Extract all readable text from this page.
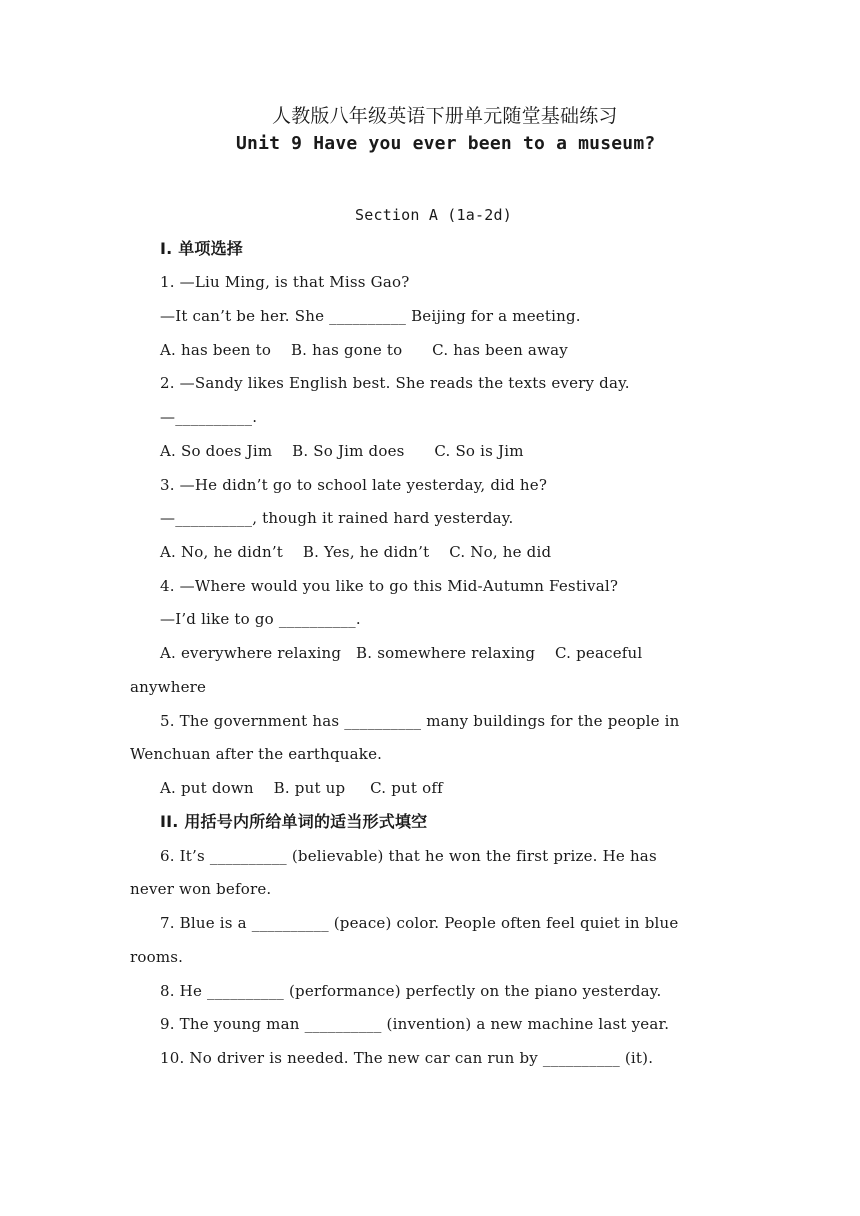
人教版八年级英语下册单元随堂基础练习
Unit 9 Have you ever been to a museum?
Section A (1a-2d)
I. 单项选择
1. —Liu Ming, is that Miss Gao?
—It can’t be her. She __________ Beijing for a meeting.
A. has been to    B. has gone to      C. has been away
2. —Sandy likes English best. She reads the texts every day.
—__________.
A. So does Jim    B. So Jim does      C. So is Jim
3. —He didn’t go to school late yesterday, did he?
—__________, though it rained hard yesterday.
A. No, he didn’t    B. Yes, he didn’t    C. No, he did
4. —Where would you like to go this Mid-Autumn Festival?
—I’d like to go __________.
A. everywhere relaxing   B. somewhere relaxing    C. peaceful
anywhere
5. The government has __________ many buildings for the people in
Wenchuan after the earthquake.
A. put down    B. put up     C. put off
II. 用括号内所给单词的适当形式填空
6. It’s __________ (believable) that he won the first prize. He has
never won before.
7. Blue is a __________ (peace) color. People often feel quiet in blue
rooms.
8. He __________ (performance) perfectly on the piano yesterday.
9. The young man __________ (invention) a new machine last year.
10. No driver is needed. The new car can run by __________ (it).
